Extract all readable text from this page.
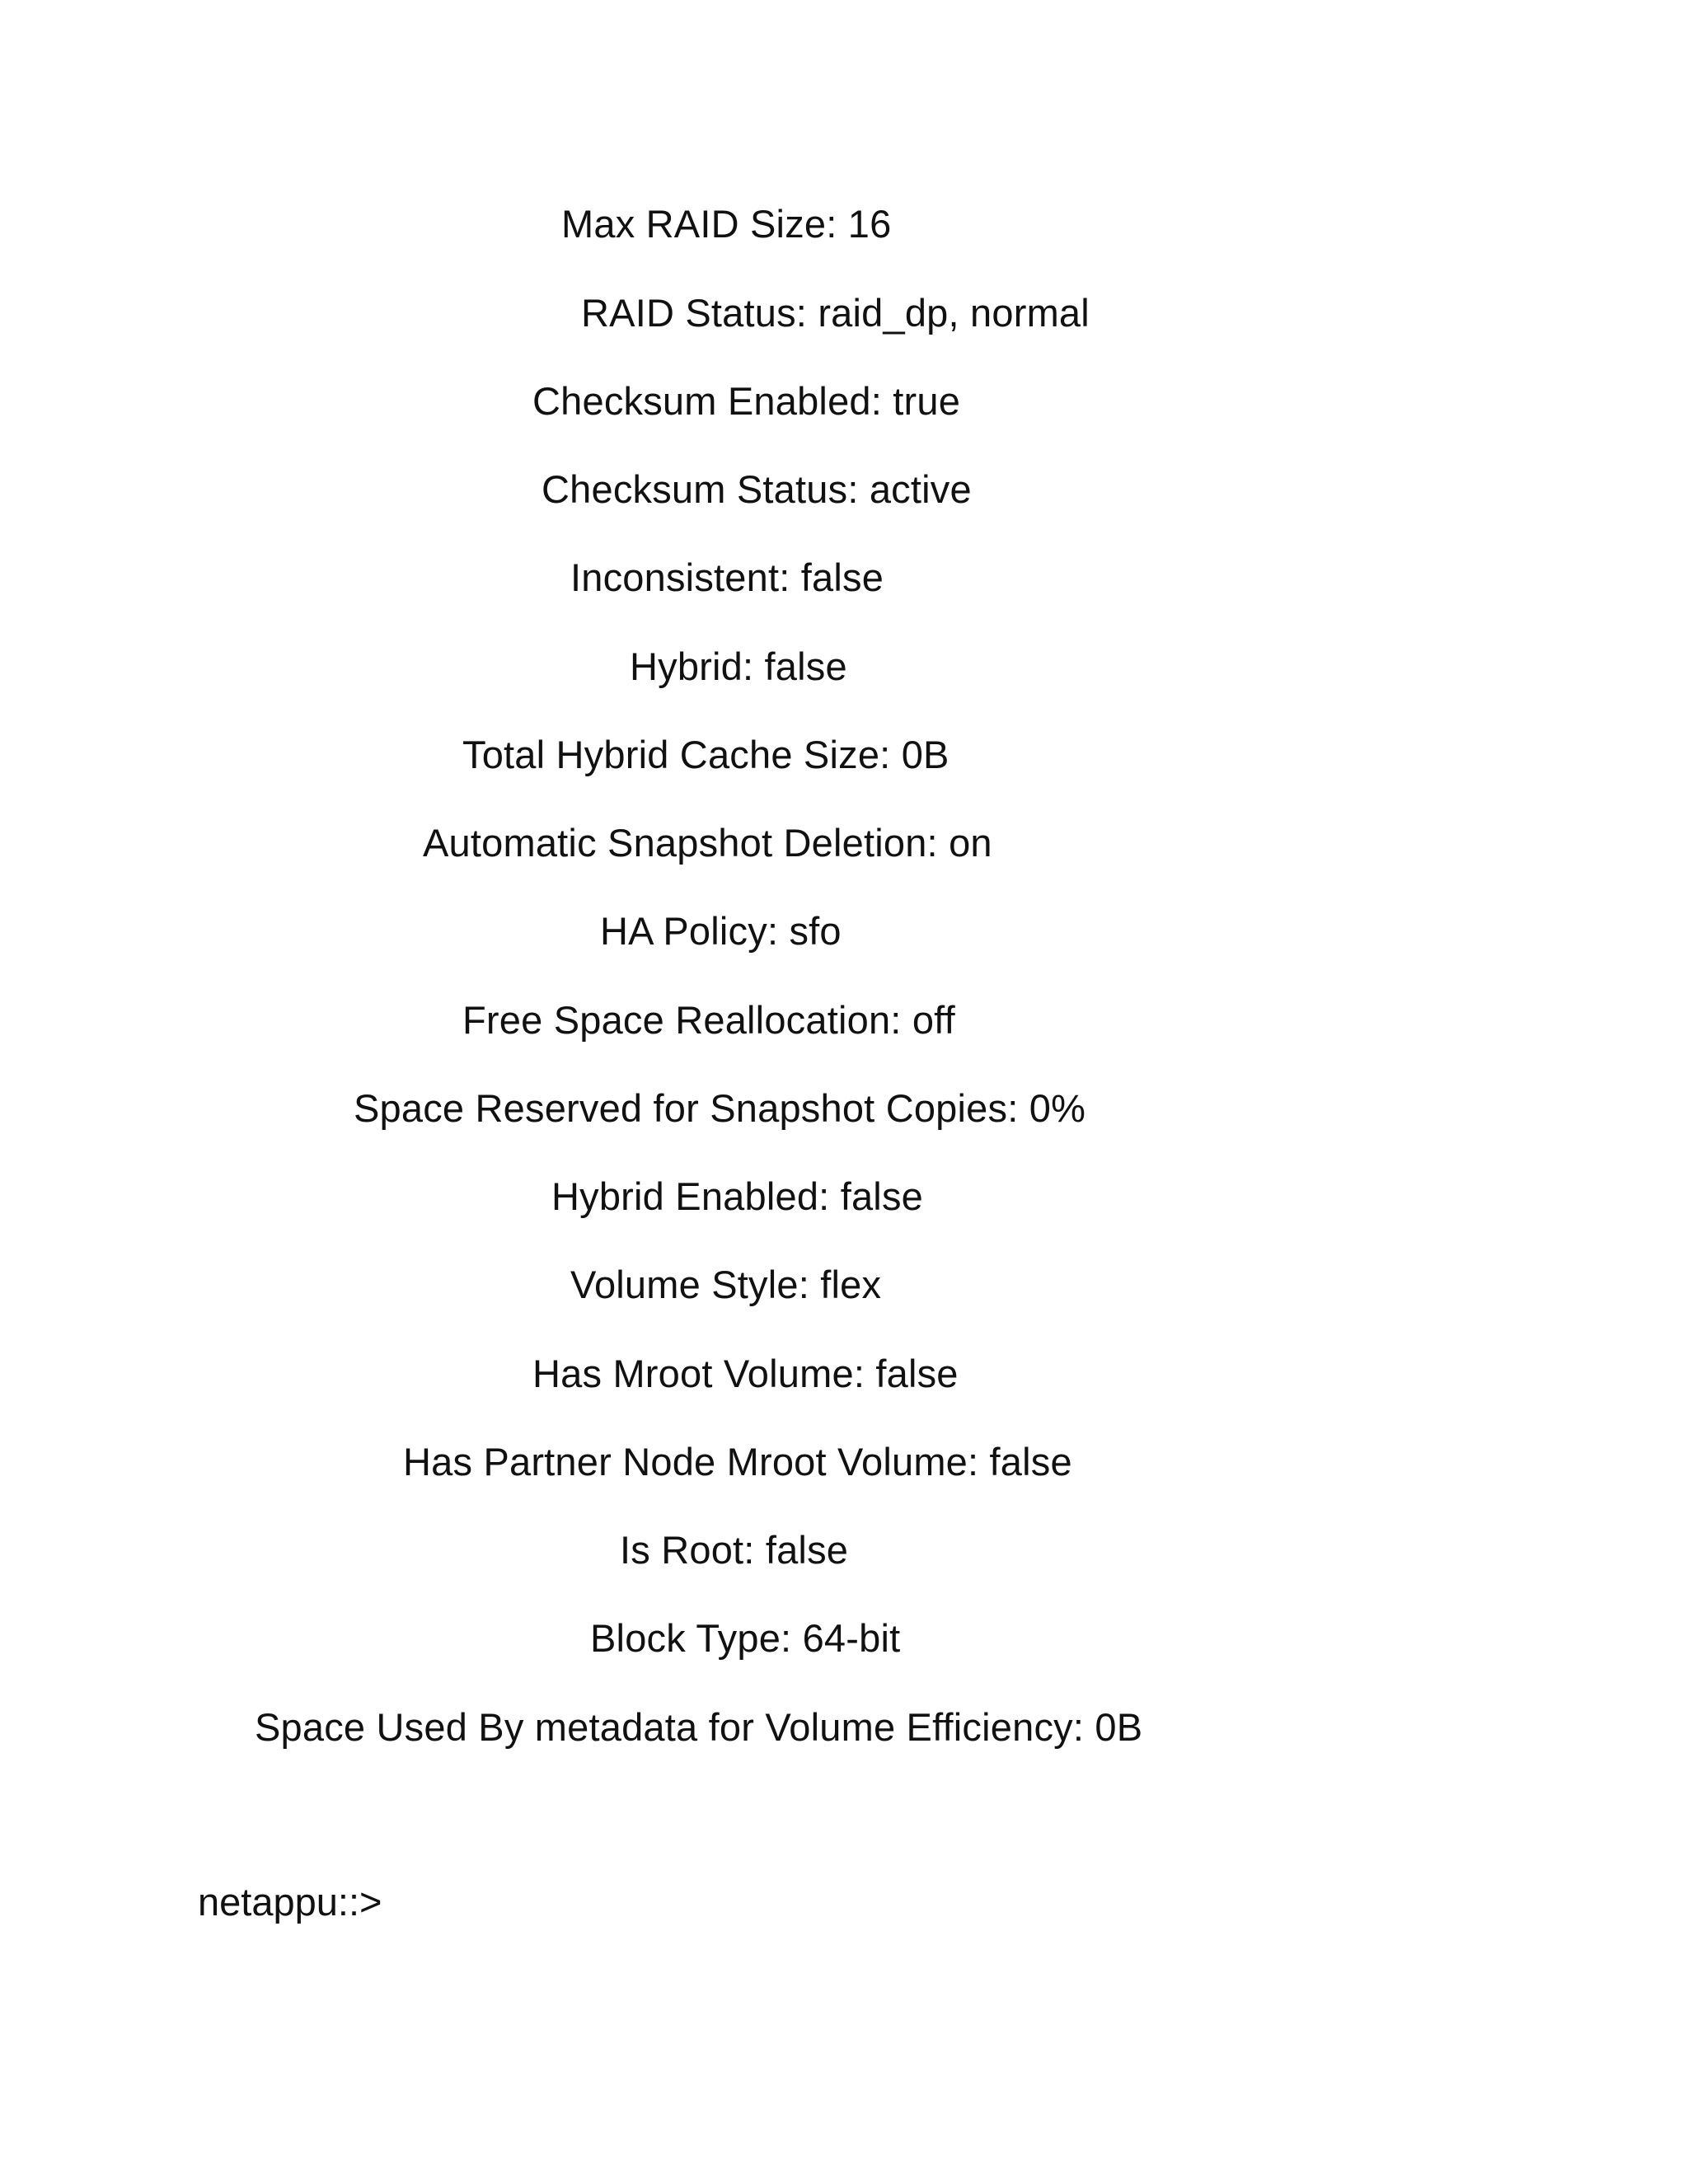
Max RAID Size : 16
RAID Status : raid_dp, normal
Checksum Enabled : true
Checksum Status : active
Inconsistent : false
Hybrid : false
Total Hybrid Cache Size : 0B
Automatic Snapshot Deletion : on
HA Policy : sfo
Free Space Reallocation : off
Space Reserved for Snapshot Copies : 0%
Hybrid Enabled : false
Volume Style : flex
Has Mroot Volume : false
Has Partner Node Mroot Volume : false
Is Root : false
Block Type : 64-bit
Space Used By metadata for Volume Efficiency : 0B
netappu::>
